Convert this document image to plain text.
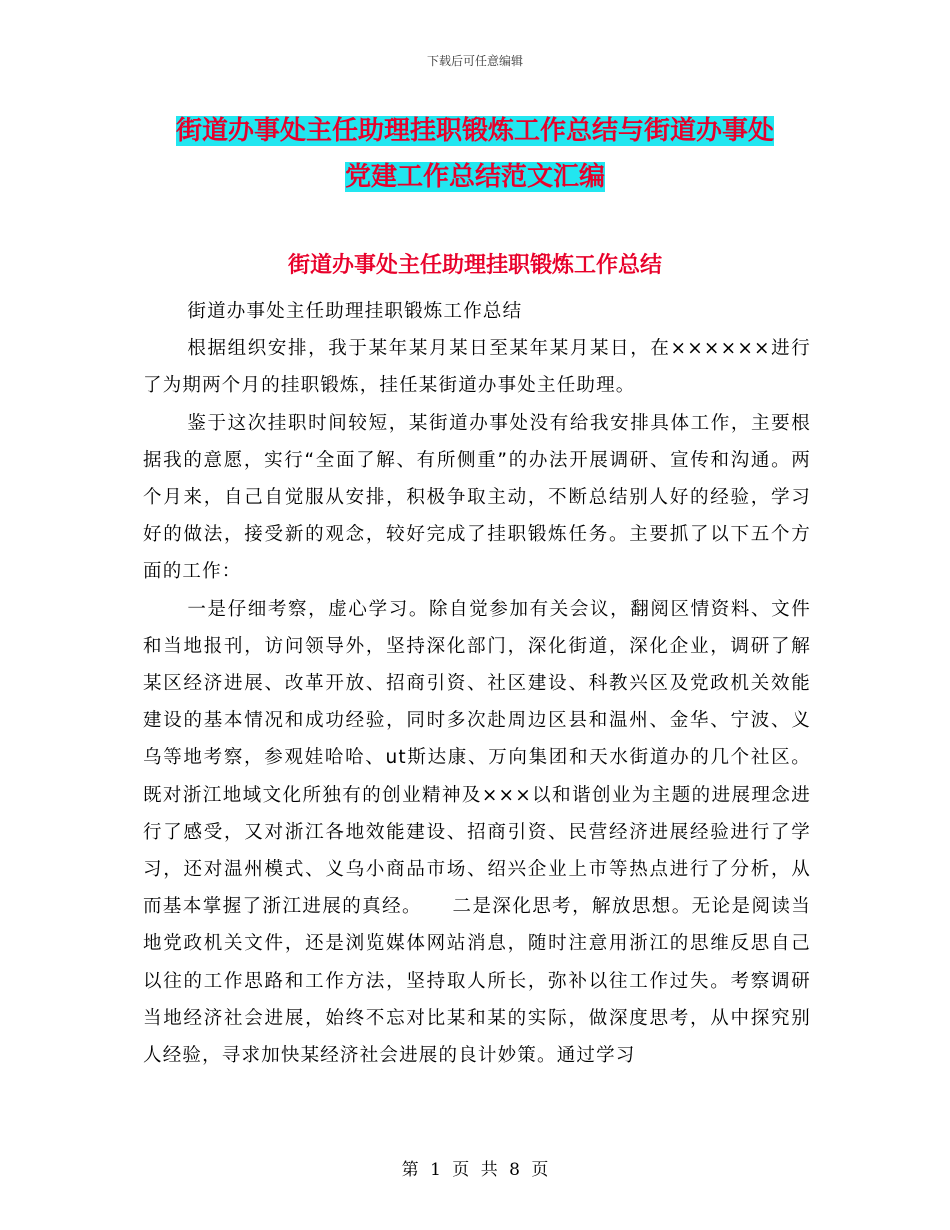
下载后可任意编辑
街道办事处主任助理挂职锻炼工作总结与街道办事处
党建工作总结范文汇编
街道办事处主任助理挂职锻炼工作总结

街道办事处主任助理挂职锻炼工作总结

根据组织安排，我于某年某月某日至某年某月某日，在××××××进行了为期两个月的挂职锻炼，挂任某街道办事处主任助理。

鉴于这次挂职时间较短，某街道办事处没有给我安排具体工作，主要根据我的意愿，实行“全面了解、有所侧重”的办法开展调研、宣传和沟通。两个月来，自己自觉服从安排，积极争取主动，不断总结别人好的经验，学习好的做法，接受新的观念，较好完成了挂职锻炼任务。主要抓了以下五个方面的工作：

一是仔细考察，虚心学习。除自觉参加有关会议，翻阅区情资料、文件和当地报刊，访问领导外，坚持深化部门，深化街道，深化企业，调研了解某区经济进展、改革开放、招商引资、社区建设、科教兴区及党政机关效能建设的基本情况和成功经验，同时多次赴周边区县和温州、金华、宁波、义乌等地考察，参观娃哈哈、ut斯达康、万向集团和天水街道办的几个社区。既对浙江地域文化所独有的创业精神及×××以和谐创业为主题的进展理念进行了感受，又对浙江各地效能建设、招商引资、民营经济进展经验进行了学习，还对温州模式、义乌小商品市场、绍兴企业上市等热点进行了分析，从而基本掌握了浙江进展的真经。　　二是深化思考，解放思想。无论是阅读当地党政机关文件，还是浏览媒体网站消息，随时注意用浙江的思维反思自己以往的工作思路和工作方法，坚持取人所长，弥补以往工作过失。考察调研当地经济社会进展，始终不忘对比某和某的实际，做深度思考，从中探究别人经验，寻求加快某经济社会进展的良计妙策。通过学习

第 1 页 共 8 页
